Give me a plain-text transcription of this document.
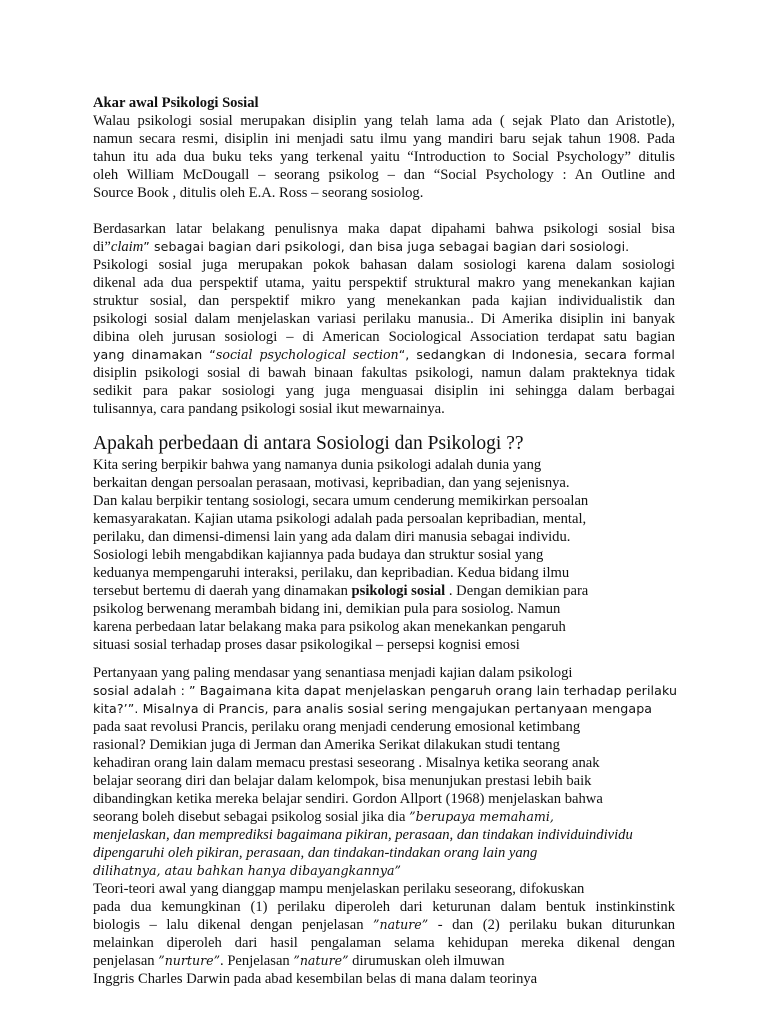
Akar awal Psikologi Sosial
Walau psikologi sosial merupakan disiplin yang telah lama ada ( sejak Plato dan Aristotle),
namun secara resmi, disiplin ini menjadi satu ilmu yang mandiri baru sejak tahun 1908. Pada
tahun itu ada dua buku teks yang terkenal yaitu “Introduction to Social Psychology” ditulis
oleh William McDougall – seorang psikolog – dan “Social Psychology : An Outline and
Source Book , ditulis oleh E.A. Ross – seorang sosiolog.
Berdasarkan latar belakang penulisnya maka dapat dipahami bahwa psikologi sosial bisa
di”claim” sebagai bagian dari psikologi, dan bisa juga sebagai bagian dari sosiologi.
Psikologi sosial juga merupakan pokok bahasan dalam sosiologi karena dalam sosiologi
dikenal ada dua perspektif utama, yaitu perspektif struktural makro yang menekankan kajian
struktur sosial, dan perspektif mikro yang menekankan pada kajian individualistik dan
psikologi sosial dalam menjelaskan variasi perilaku manusia.. Di Amerika disiplin ini banyak
dibina oleh jurusan sosiologi – di American Sociological Association terdapat satu bagian
yang dinamakan “social psychological section“, sedangkan di Indonesia, secara formal
disiplin psikologi sosial di bawah binaan fakultas psikologi, namun dalam prakteknya tidak
sedikit para pakar sosiologi yang juga menguasai disiplin ini sehingga dalam berbagai
tulisannya, cara pandang psikologi sosial ikut mewarnainya.
Apakah perbedaan di antara Sosiologi dan Psikologi ??
Kita sering berpikir bahwa yang namanya dunia psikologi adalah dunia yang
berkaitan dengan persoalan perasaan, motivasi, kepribadian, dan yang sejenisnya.
Dan kalau berpikir tentang sosiologi, secara umum cenderung memikirkan persoalan
kemasyarakatan. Kajian utama psikologi adalah pada persoalan kepribadian, mental,
perilaku, dan dimensi-dimensi lain yang ada dalam diri manusia sebagai individu.
Sosiologi lebih mengabdikan kajiannya pada budaya dan struktur sosial yang
keduanya mempengaruhi interaksi, perilaku, dan kepribadian. Kedua bidang ilmu
tersebut bertemu di daerah yang dinamakan psikologi sosial . Dengan demikian para
psikolog berwenang merambah bidang ini, demikian pula para sosiolog. Namun
karena perbedaan latar belakang maka para psikolog akan menekankan pengaruh
situasi sosial terhadap proses dasar psikologikal – persepsi kognisi emosi
Pertanyaan yang paling mendasar yang senantiasa menjadi kajian dalam psikologi
sosial adalah : ” Bagaimana kita dapat menjelaskan pengaruh orang lain terhadap perilaku
kita?’”. Misalnya di Prancis, para analis sosial sering mengajukan pertanyaan mengapa
pada saat revolusi Prancis, perilaku orang menjadi cenderung emosional ketimbang
rasional? Demikian juga di Jerman dan Amerika Serikat dilakukan studi tentang
kehadiran orang lain dalam memacu prestasi seseorang . Misalnya ketika seorang anak
belajar seorang diri dan belajar dalam kelompok, bisa menunjukan prestasi lebih baik
dibandingkan ketika mereka belajar sendiri. Gordon Allport (1968) menjelaskan bahwa
seorang boleh disebut sebagai psikolog sosial jika dia ”berupaya memahami,
menjelaskan, dan memprediksi bagaimana pikiran, perasaan, dan tindakan individuindividu
dipengaruhi oleh pikiran, perasaan, dan tindakan-tindakan orang lain yang
dilihatnya, atau bahkan hanya dibayangkannya”
Teori-teori awal yang dianggap mampu menjelaskan perilaku seseorang, difokuskan
pada dua kemungkinan (1) perilaku diperoleh dari keturunan dalam bentuk instinkinstink
biologis – lalu dikenal dengan penjelasan ”nature” - dan (2) perilaku bukan diturunkan
melainkan diperoleh dari hasil pengalaman selama kehidupan mereka dikenal dengan
penjelasan ”nurture”. Penjelasan ”nature” dirumuskan oleh ilmuwan
Inggris Charles Darwin pada abad kesembilan belas di mana dalam teorinya
